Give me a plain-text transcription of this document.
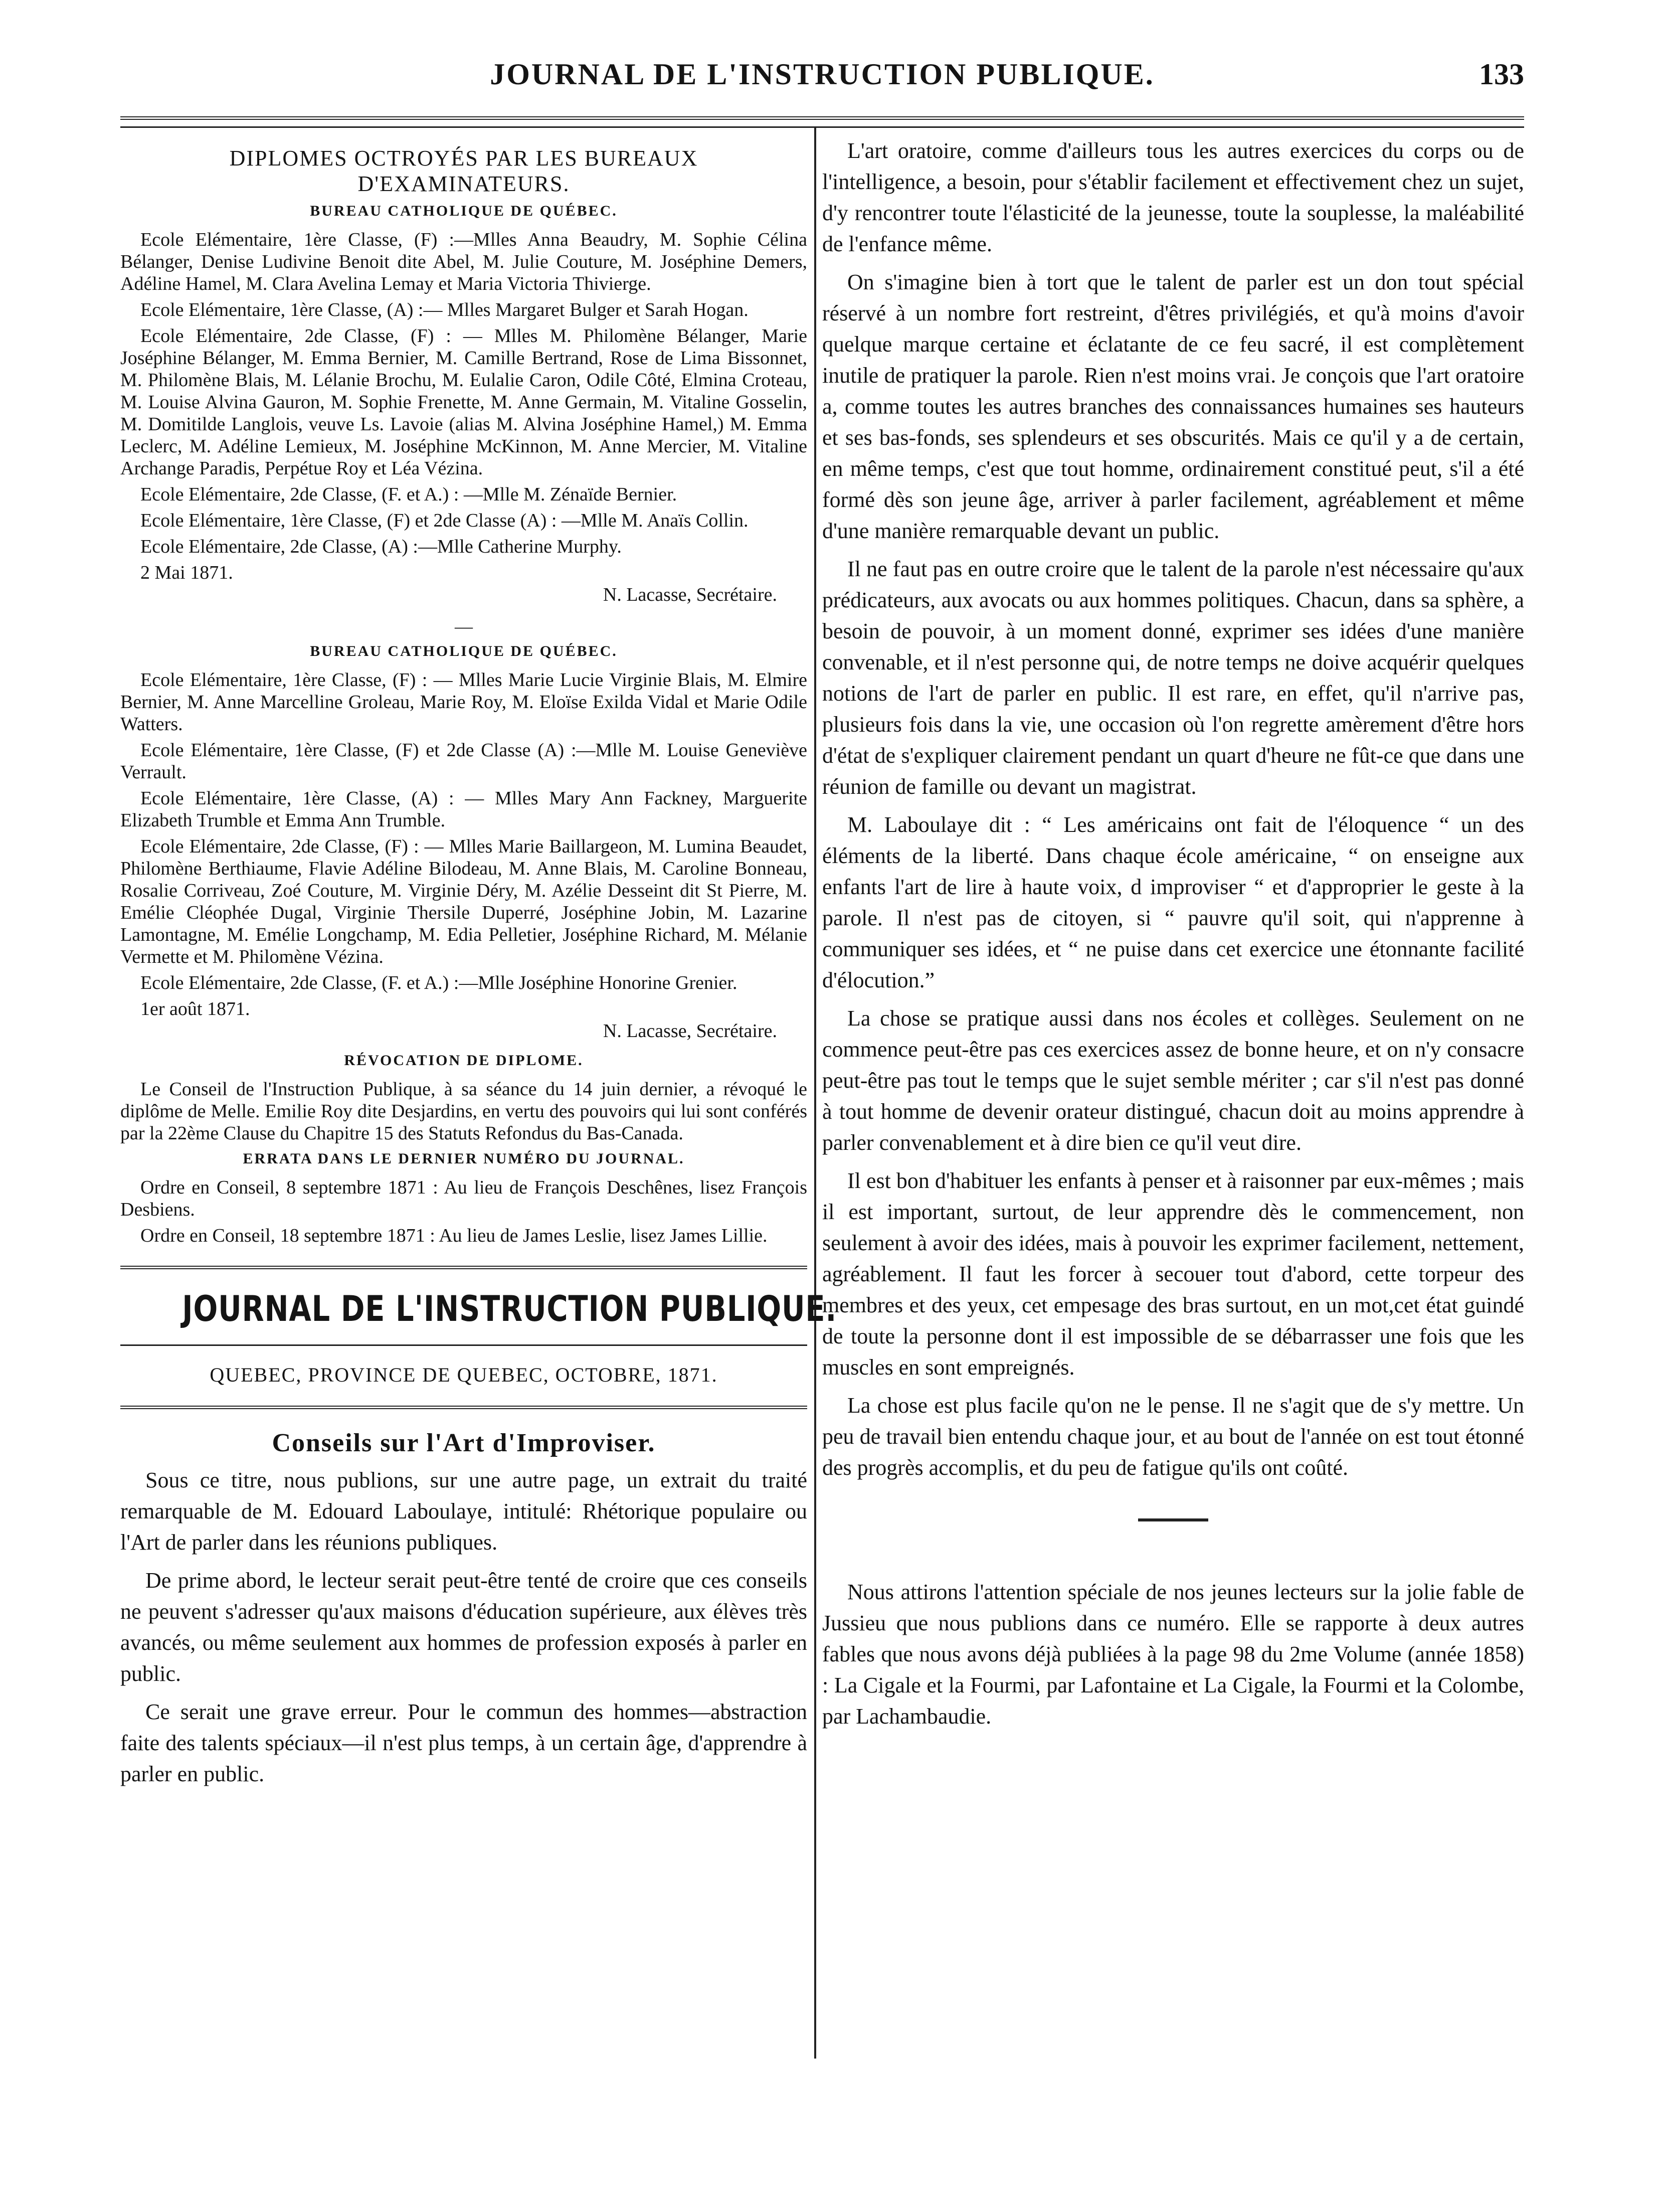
JOURNAL DE L'INSTRUCTION PUBLIQUE.	133
DIPLOMES OCTROYÉS PAR LES BUREAUX D'EXAMINATEURS.
BUREAU CATHOLIQUE DE QUÉBEC.

Ecole Elémentaire, 1ère Classe, (F) :—Mlles Anna Beaudry, M. Sophie Célina Bélanger, Denise Ludivine Benoit dite Abel, M. Julie Couture, M. Joséphine Demers, Adéline Hamel, M. Clara Avelina Lemay et Maria Victoria Thivierge.

Ecole Elémentaire, 1ère Classe, (A) :— Mlles Margaret Bulger et Sarah Hogan.

Ecole Elémentaire, 2de Classe, (F) : — Mlles M. Philomène Bélanger, Marie Joséphine Bélanger, M. Emma Bernier, M. Camille Bertrand, Rose de Lima Bissonnet, M. Philomène Blais, M. Lélanie Brochu, M. Eulalie Caron, Odile Côté, Elmina Croteau, M. Louise Alvina Gauron, M. Sophie Frenette, M. Anne Germain, M. Vitaline Gosselin, M. Domitilde Langlois, veuve Ls. Lavoie (alias M. Alvina Joséphine Hamel,) M. Emma Leclerc, M. Adéline Lemieux, M. Joséphine McKinnon, M. Anne Mercier, M. Vitaline Archange Paradis, Perpétue Roy et Léa Vézina.

Ecole Elémentaire, 2de Classe, (F. et A.) : —Mlle M. Zénaïde Bernier.

Ecole Elémentaire, 1ère Classe, (F) et 2de Classe (A) : —Mlle M. Anaïs Collin.

Ecole Elémentaire, 2de Classe, (A) :—Mlle Catherine Murphy.

2 Mai 1871.

N. Lacasse, Secrétaire.

—
BUREAU CATHOLIQUE DE QUÉBEC.

Ecole Elémentaire, 1ère Classe, (F) : — Mlles Marie Lucie Virginie Blais, M. Elmire Bernier, M. Anne Marcelline Groleau, Marie Roy, M. Eloïse Exilda Vidal et Marie Odile Watters.

Ecole Elémentaire, 1ère Classe, (F) et 2de Classe (A) :—Mlle M. Louise Geneviève Verrault.

Ecole Elémentaire, 1ère Classe, (A) : — Mlles Mary Ann Fackney, Marguerite Elizabeth Trumble et Emma Ann Trumble.

Ecole Elémentaire, 2de Classe, (F) : — Mlles Marie Baillargeon, M. Lumina Beaudet, Philomène Berthiaume, Flavie Adéline Bilodeau, M. Anne Blais, M. Caroline Bonneau, Rosalie Corriveau, Zoé Couture, M. Virginie Déry, M. Azélie Desseint dit St Pierre, M. Emélie Cléophée Dugal, Virginie Thersile Duperré, Joséphine Jobin, M. Lazarine Lamontagne, M. Emélie Longchamp, M. Edia Pelletier, Joséphine Richard, M. Mélanie Vermette et M. Philomène Vézina.

Ecole Elémentaire, 2de Classe, (F. et A.) :—Mlle Joséphine Honorine Grenier.

1er août 1871.

N. Lacasse, Secrétaire.

RÉVOCATION DE DIPLOME.

Le Conseil de l'Instruction Publique, à sa séance du 14 juin dernier, a révoqué le diplôme de Melle. Emilie Roy dite Desjardins, en vertu des pouvoirs qui lui sont conférés par la 22ème Clause du Chapitre 15 des Statuts Refondus du Bas-Canada.

ERRATA DANS LE DERNIER NUMÉRO DU JOURNAL.

Ordre en Conseil, 8 septembre 1871 : Au lieu de François Deschênes, lisez François Desbiens.

Ordre en Conseil, 18 septembre 1871 : Au lieu de James Leslie, lisez James Lillie.

JOURNAL DE L'INSTRUCTION PUBLIQUE.
QUEBEC, PROVINCE DE QUEBEC, OCTOBRE, 1871.
Conseils sur l'Art d'Improviser.

Sous ce titre, nous publions, sur une autre page, un extrait du traité remarquable de M. Edouard Laboulaye, intitulé: Rhétorique populaire ou l'Art de parler dans les réunions publiques.

De prime abord, le lecteur serait peut-être tenté de croire que ces conseils ne peuvent s'adresser qu'aux maisons d'éducation supérieure, aux élèves très avancés, ou même seulement aux hommes de profession exposés à parler en public.

Ce serait une grave erreur. Pour le commun des hommes—abstraction faite des talents spéciaux—il n'est plus temps, à un certain âge, d'apprendre à parler en public.

L'art oratoire, comme d'ailleurs tous les autres exercices du corps ou de l'intelligence, a besoin, pour s'établir facilement et effectivement chez un sujet, d'y rencontrer toute l'élasticité de la jeunesse, toute la souplesse, la maléabilité de l'enfance même.

On s'imagine bien à tort que le talent de parler est un don tout spécial réservé à un nombre fort restreint, d'êtres privilégiés, et qu'à moins d'avoir quelque marque certaine et éclatante de ce feu sacré, il est complètement inutile de pratiquer la parole. Rien n'est moins vrai. Je conçois que l'art oratoire a, comme toutes les autres branches des connaissances humaines ses hauteurs et ses bas-fonds, ses splendeurs et ses obscurités. Mais ce qu'il y a de certain, en même temps, c'est que tout homme, ordinairement constitué peut, s'il a été formé dès son jeune âge, arriver à parler facilement, agréablement et même d'une manière remarquable devant un public.

Il ne faut pas en outre croire que le talent de la parole n'est nécessaire qu'aux prédicateurs, aux avocats ou aux hommes politiques. Chacun, dans sa sphère, a besoin de pouvoir, à un moment donné, exprimer ses idées d'une manière convenable, et il n'est personne qui, de notre temps ne doive acquérir quelques notions de l'art de parler en public. Il est rare, en effet, qu'il n'arrive pas, plusieurs fois dans la vie, une occasion où l'on regrette amèrement d'être hors d'état de s'expliquer clairement pendant un quart d'heure ne fût-ce que dans une réunion de famille ou devant un magistrat.

M. Laboulaye dit : “ Les américains ont fait de l'éloquence “ un des éléments de la liberté. Dans chaque école américaine, “ on enseigne aux enfants l'art de lire à haute voix, d improviser “ et d'approprier le geste à la parole. Il n'est pas de citoyen, si “ pauvre qu'il soit, qui n'apprenne à communiquer ses idées, et “ ne puise dans cet exercice une étonnante facilité d'élocution.”

La chose se pratique aussi dans nos écoles et collèges. Seulement on ne commence peut-être pas ces exercices assez de bonne heure, et on n'y consacre peut-être pas tout le temps que le sujet semble mériter ; car s'il n'est pas donné à tout homme de devenir orateur distingué, chacun doit au moins apprendre à parler convenablement et à dire bien ce qu'il veut dire.

Il est bon d'habituer les enfants à penser et à raisonner par eux-mêmes ; mais il est important, surtout, de leur apprendre dès le commencement, non seulement à avoir des idées, mais à pouvoir les exprimer facilement, nettement, agréablement. Il faut les forcer à secouer tout d'abord, cette torpeur des membres et des yeux, cet empesage des bras surtout, en un mot,cet état guindé de toute la personne dont il est impossible de se débarrasser une fois que les muscles en sont empreignés.

La chose est plus facile qu'on ne le pense. Il ne s'agit que de s'y mettre. Un peu de travail bien entendu chaque jour, et au bout de l'année on est tout étonné des progrès accomplis, et du peu de fatigue qu'ils ont coûté.

Nous attirons l'attention spéciale de nos jeunes lecteurs sur la jolie fable de Jussieu que nous publions dans ce numéro. Elle se rapporte à deux autres fables que nous avons déjà publiées à la page 98 du 2me Volume (année 1858) : La Cigale et la Fourmi, par Lafontaine et La Cigale, la Fourmi et la Colombe, par Lachambaudie.
